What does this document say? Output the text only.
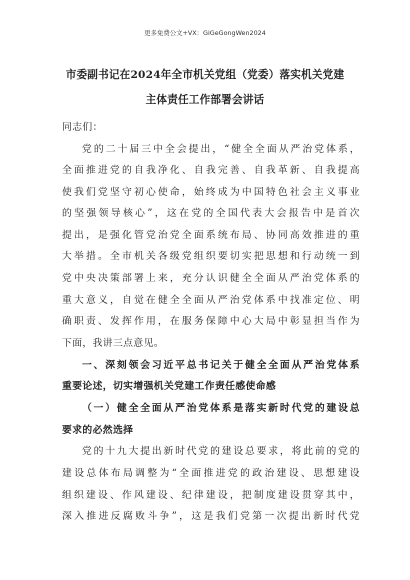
更多免费公文+VX：GiGeGongWen2024
市委副书记在2024年全市机关党组（党委）落实机关党建
主体责任工作部署会讲话
同志们：
党的二十届三中全会提出，“健全全面从严治党体系，
全面推进党的自我净化、自我完善、自我革新、自我提高
使我们党坚守初心使命，始终成为中国特色社会主义事业
的坚强领导核心”，这在党的全国代表大会报告中是首次
提出，是强化管党治党全面系统布局、协同高效推进的重
大举措。全市机关各级党组织要切实把思想和行动统一到
党中央决策部署上来，充分认识健全全面从严治党体系的
重大意义，自觉在健全全面从严治党体系中找准定位、明
确职责、发挥作用，在服务保障中心大局中彰显担当作为
下面，我讲三点意见。
一、深刻领会习近平总书记关于健全全面从严治党体系
重要论述，切实增强机关党建工作责任感使命感
（一）健全全面从严治党体系是落实新时代党的建设总
要求的必然选择
党的十九大提出新时代党的建设总要求，将此前的党的
建设总体布局调整为“全面推进党的政治建设、思想建设
组织建设、作风建设、纪律建设，把制度建设贯穿其中，
深入推进反腐败斗争”，这是我们党第一次提出新时代党
